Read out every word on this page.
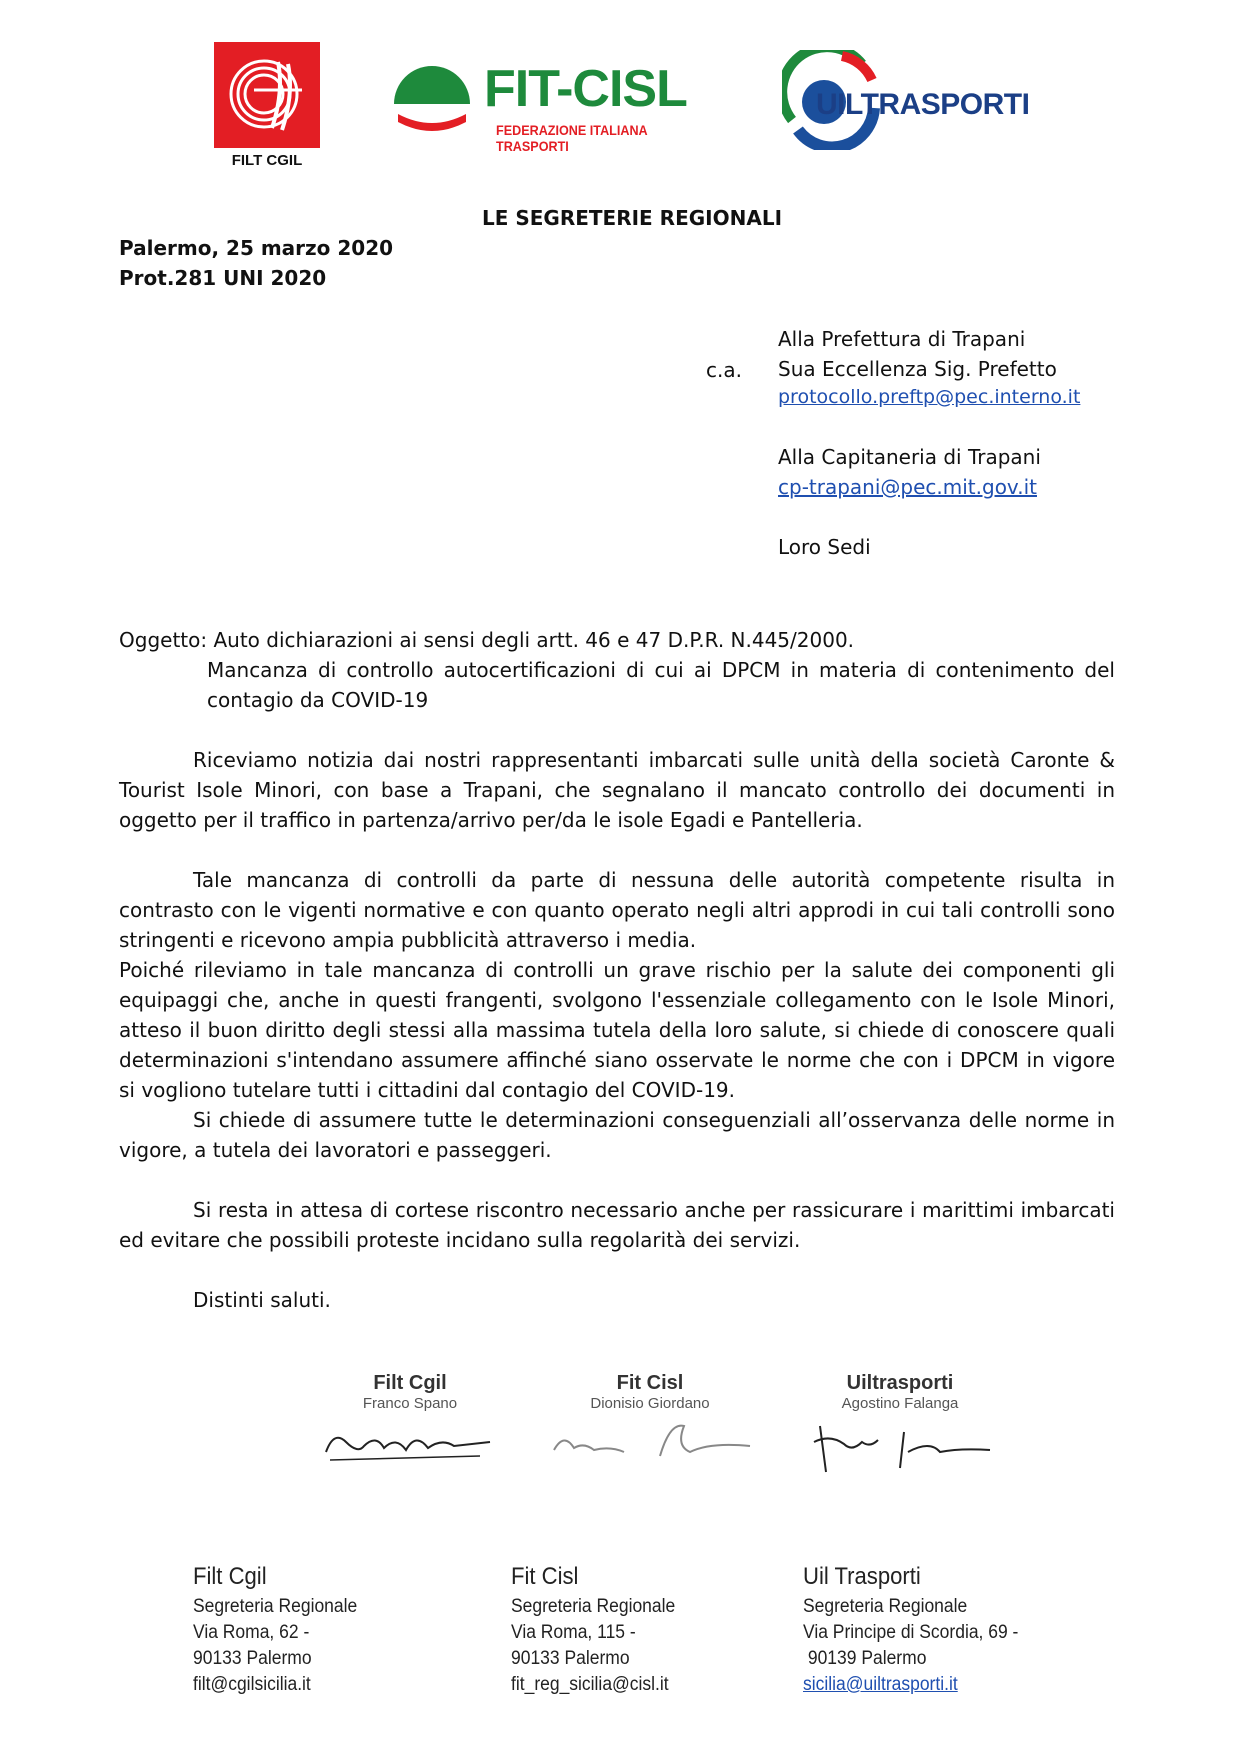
FILT CGIL
FIT-CISL
FEDERAZIONE ITALIANA TRASPORTI
UILTRASPORTI
LE SEGRETERIE REGIONALI
Palermo, 25 marzo 2020
Prot.281 UNI 2020
c.a.
Alla Prefettura di Trapani
Sua Eccellenza Sig. Prefetto
protocollo.preftp@pec.interno.it
Alla Capitaneria di Trapani
cp-trapani@pec.mit.gov.it
Loro Sedi
Oggetto: Auto dichiarazioni ai sensi degli artt. 46 e 47 D.P.R. N.445/2000.
Mancanza di controllo autocertificazioni di cui ai DPCM in materia di contenimento del contagio da COVID-19

Riceviamo notizia dai nostri rappresentanti imbarcati sulle unità della società Caronte & Tourist Isole Minori, con base a Trapani, che segnalano il mancato controllo dei documenti in oggetto per il traffico in partenza/arrivo per/da le isole Egadi e Pantelleria.

Tale mancanza di controlli da parte di nessuna delle autorità competente risulta in contrasto con le vigenti normative e con quanto operato negli altri approdi in cui tali controlli sono stringenti e ricevono ampia pubblicità attraverso i media.

Poiché rileviamo in tale mancanza di controlli un grave rischio per la salute dei componenti gli equipaggi che, anche in questi frangenti, svolgono l'essenziale collegamento con le Isole Minori, atteso il buon diritto degli stessi alla massima tutela della loro salute, si chiede di conoscere quali determinazioni s'intendano assumere affinché siano osservate le norme che con i DPCM in vigore si vogliono tutelare tutti i cittadini dal contagio del COVID-19.

Si chiede di assumere tutte le determinazioni conseguenziali all’osservanza delle norme in vigore, a tutela dei lavoratori e passeggeri.

Si resta in attesa di cortese riscontro necessario anche per rassicurare i marittimi imbarcati ed evitare che possibili proteste incidano sulla regolarità dei servizi.

Distinti saluti.

Filt Cgil
Franco Spano
Fit Cisl
Dionisio Giordano
Uiltrasporti
Agostino Falanga
Filt Cgil
Segreteria Regionale
Via Roma, 62 -
90133 Palermo
filt@cgilsicilia.it
Fit Cisl
Segreteria Regionale
Via Roma, 115 -
90133 Palermo
fit_reg_sicilia@cisl.it
Uil Trasporti
Segreteria Regionale
Via Principe di Scordia, 69 -
90139 Palermo
sicilia@uiltrasporti.it
